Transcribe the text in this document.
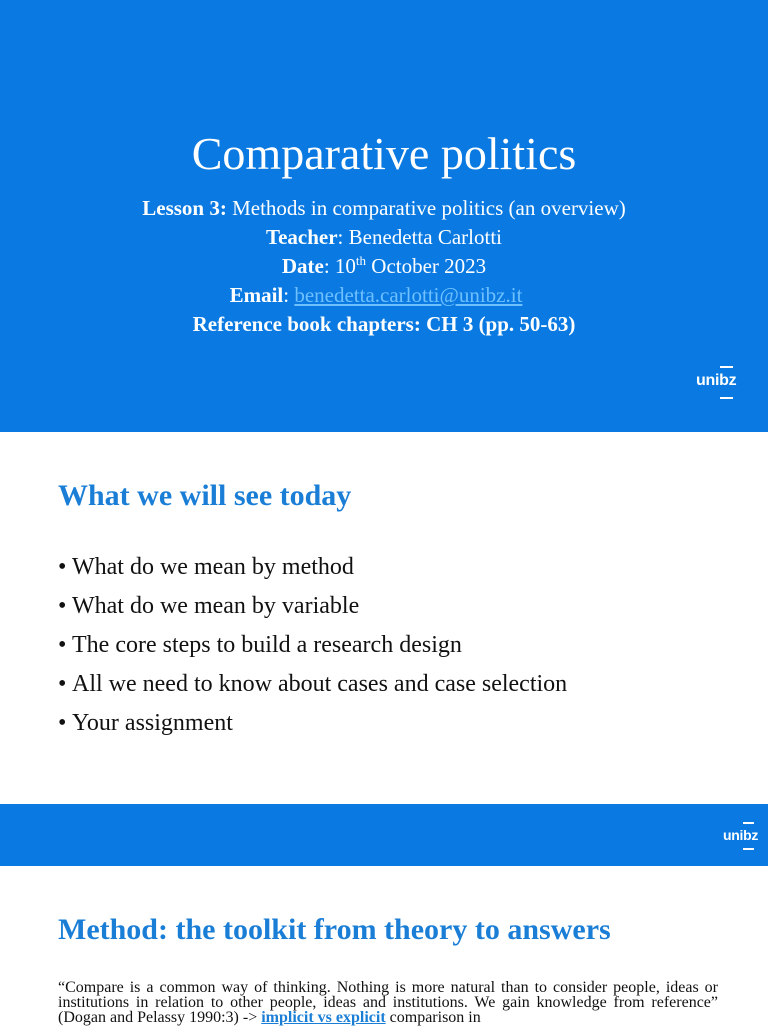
Comparative politics
Lesson 3: Methods in comparative politics (an overview)
Teacher: Benedetta Carlotti
Date: 10th October 2023
Email: benedetta.carlotti@unibz.it
Reference book chapters: CH 3 (pp. 50-63)
unibz
What we will see today
• What do we mean by method
• What do we mean by variable
• The core steps to build a research design
• All we need to know about cases and case selection
• Your assignment
unibz
Method: the toolkit from theory to answers
“Compare is a common way of thinking. Nothing is more natural than to consider people, ideas or institutions in relation to other people, ideas and institutions. We gain knowledge from reference” (Dogan and Pelassy 1990:3) -> implicit vs explicit comparison in
